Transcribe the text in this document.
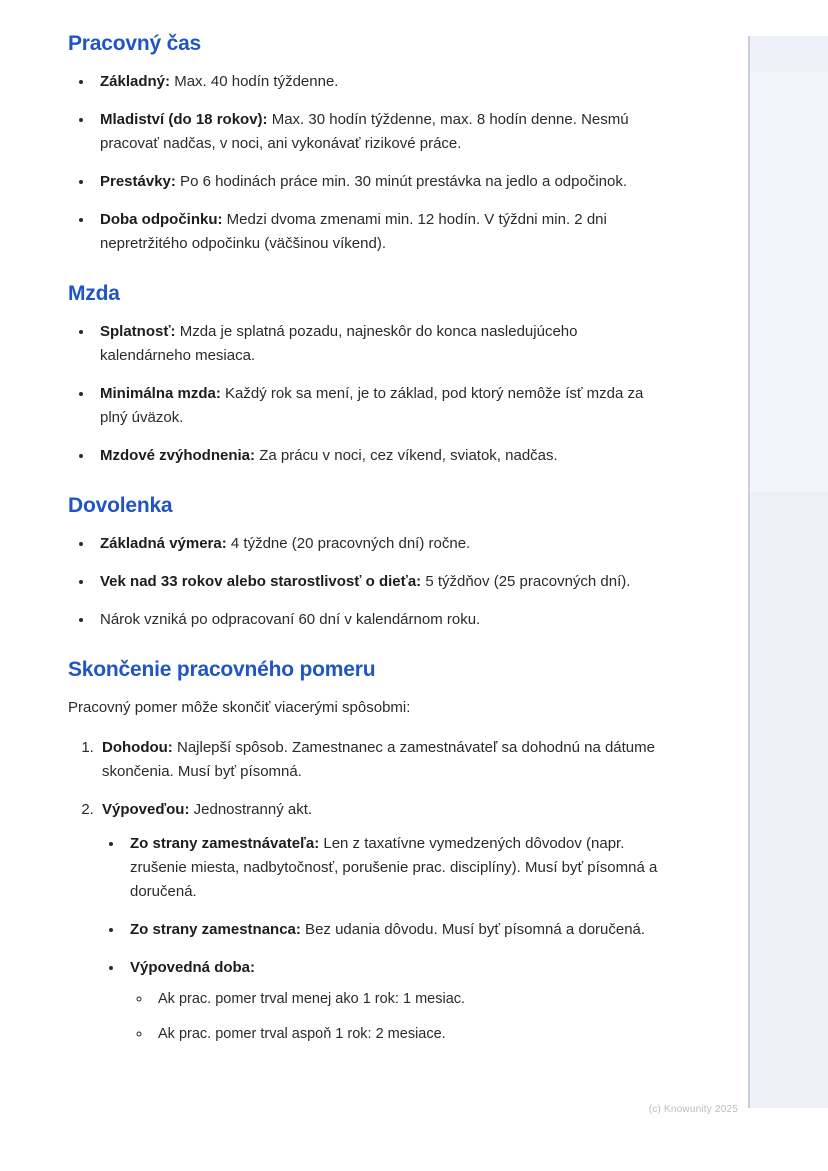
Pracovný čas
• Základný: Max. 40 hodín týždenne.
• Mladiství (do 18 rokov): Max. 30 hodín týždenne, max. 8 hodín denne. Nesmú pracovať nadčas, v noci, ani vykonávať rizikové práce.
• Prestávky: Po 6 hodinách práce min. 30 minút prestávka na jedlo a odpočinok.
• Doba odpočinku: Medzi dvoma zmenami min. 12 hodín. V týždni min. 2 dni nepretržitého odpočinku (väčšinou víkend).
Mzda
• Splatnosť: Mzda je splatná pozadu, najneskôr do konca nasledujúceho kalendárneho mesiaca.
• Minimálna mzda: Každý rok sa mení, je to základ, pod ktorý nemôže ísť mzda za plný úväzok.
• Mzdové zvýhodnenia: Za prácu v noci, cez víkend, sviatok, nadčas.
Dovolenka
• Základná výmera: 4 týždne (20 pracovných dní) ročne.
• Vek nad 33 rokov alebo starostlivosť o dieťa: 5 týždňov (25 pracovných dní).
• Nárok vzniká po odpracovaní 60 dní v kalendárnom roku.
Skončenie pracovného pomeru

Pracovný pomer môže skončiť viacerými spôsobmi:

1. Dohodou: Najlepší spôsob. Zamestnanec a zamestnávateľ sa dohodnú na dátume skončenia. Musí byť písomná.
2. Výpoveďou: Jednostranný akt.
• Zo strany zamestnávateľa: Len z taxatívne vymedzených dôvodov (napr. zrušenie miesta, nadbytočnosť, porušenie prac. disciplíny). Musí byť písomná a doručená.
• Zo strany zamestnanca: Bez udania dôvodu. Musí byť písomná a doručená.
• Výpovedná doba:
◦ Ak prac. pomer trval menej ako 1 rok: 1 mesiac.
◦ Ak prac. pomer trval aspoň 1 rok: 2 mesiace.
(c) Knowunity 2025
